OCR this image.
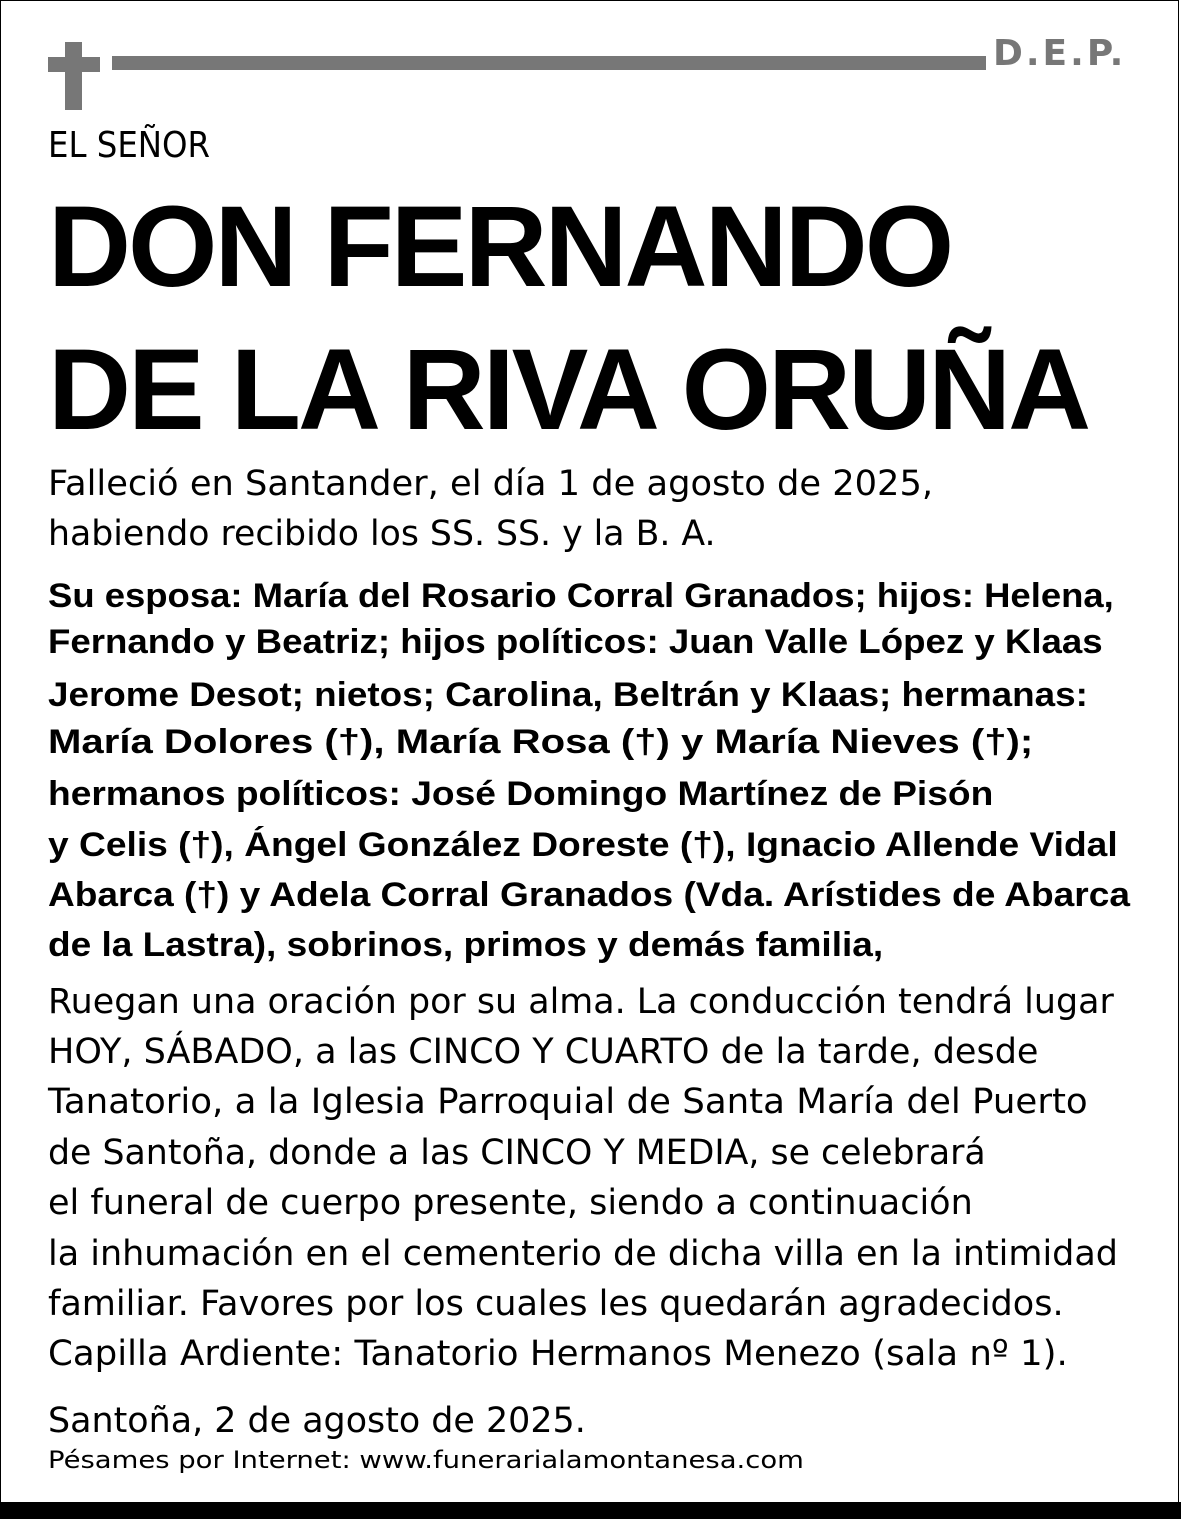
D.E.P.
EL SEÑOR
DON FERNANDO
DE LA RIVA ORUÑA
Falleció en Santander, el día 1 de agosto de 2025,
habiendo recibido los SS. SS. y la B. A.
Su esposa: María del Rosario Corral Granados; hijos: Helena,
Fernando y Beatriz; hijos políticos: Juan Valle López y Klaas
Jerome Desot; nietos; Carolina, Beltrán y Klaas; hermanas:
María Dolores (†), María Rosa (†) y María Nieves (†);
hermanos políticos: José Domingo Martínez de Pisón
y Celis (†), Ángel González Doreste (†), Ignacio Allende Vidal
Abarca (†) y Adela Corral Granados (Vda. Arístides de Abarca
de la Lastra), sobrinos, primos y demás familia,
Ruegan una oración por su alma. La conducción tendrá lugar
HOY, SÁBADO, a las CINCO Y CUARTO de la tarde, desde
Tanatorio, a la Iglesia Parroquial de Santa María del Puerto
de Santoña, donde a las CINCO Y MEDIA, se celebrará
el funeral de cuerpo presente, siendo a continuación
la inhumación en el cementerio de dicha villa en la intimidad
familiar. Favores por los cuales les quedarán agradecidos.
Capilla Ardiente: Tanatorio Hermanos Menezo (sala nº 1).
Santoña, 2 de agosto de 2025.
Pésames por Internet: www.funerarialamontanesa.com
